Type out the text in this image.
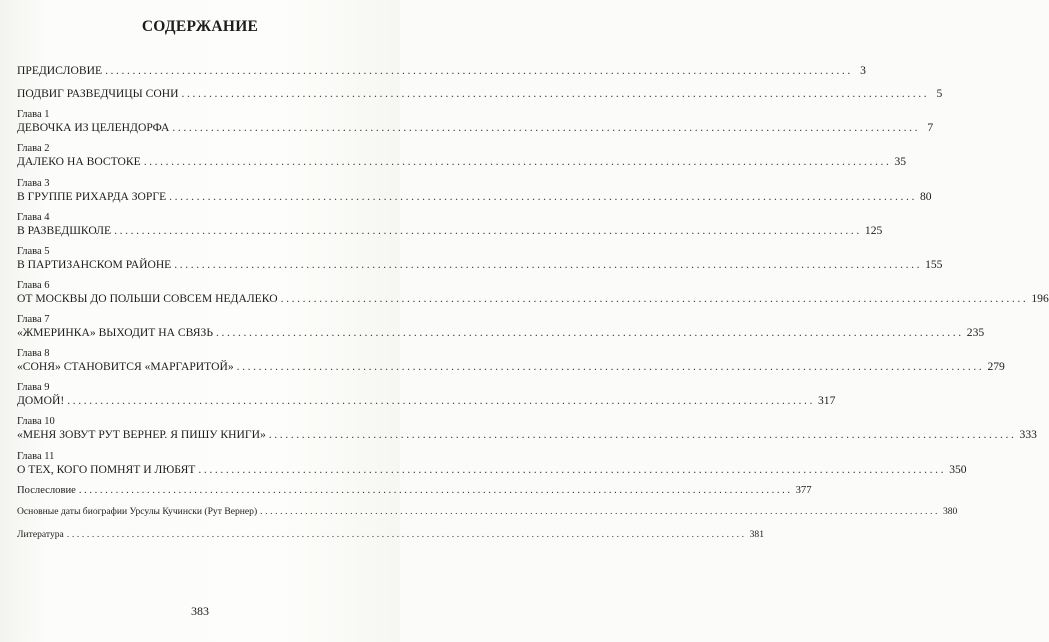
СОДЕРЖАНИЕ
ПРЕДИСЛОВИЕ ........................................................................................................................................ 3
ПОДВИГ РАЗВЕДЧИЦЫ СОНИ ........................................................................................................................................ 5
Глава 1
ДЕВОЧКА ИЗ ЦЕЛЕНДОРФА ........................................................................................................................................ 7
Глава 2
ДАЛЕКО НА ВОСТОКЕ ........................................................................................................................................ 35
Глава 3
В ГРУППЕ РИХАРДА ЗОРГЕ ........................................................................................................................................ 80
Глава 4
В РАЗВЕДШКОЛЕ ........................................................................................................................................ 125
Глава 5
В ПАРТИЗАНСКОМ РАЙОНЕ ........................................................................................................................................ 155
Глава 6
ОТ МОСКВЫ ДО ПОЛЬШИ СОВСЕМ НЕДАЛЕКО ........................................................................................................................................ 196
Глава 7
«ЖМЕРИНКА» ВЫХОДИТ НА СВЯЗЬ ........................................................................................................................................ 235
Глава 8
«СОНЯ» СТАНОВИТСЯ «МАРГАРИТОЙ» ........................................................................................................................................ 279
Глава 9
ДОМОЙ! ........................................................................................................................................ 317
Глава 10
«МЕНЯ ЗОВУТ РУТ ВЕРНЕР. Я ПИШУ КНИГИ» ........................................................................................................................................ 333
Глава 11
О ТЕХ, КОГО ПОМНЯТ И ЛЮБЯТ ........................................................................................................................................ 350
Послесловие ........................................................................................................................................ 377
Основные даты биографии Урсулы Кучински (Рут Вернер) ........................................................................................................................................ 380
Литература ........................................................................................................................................ 381
383
